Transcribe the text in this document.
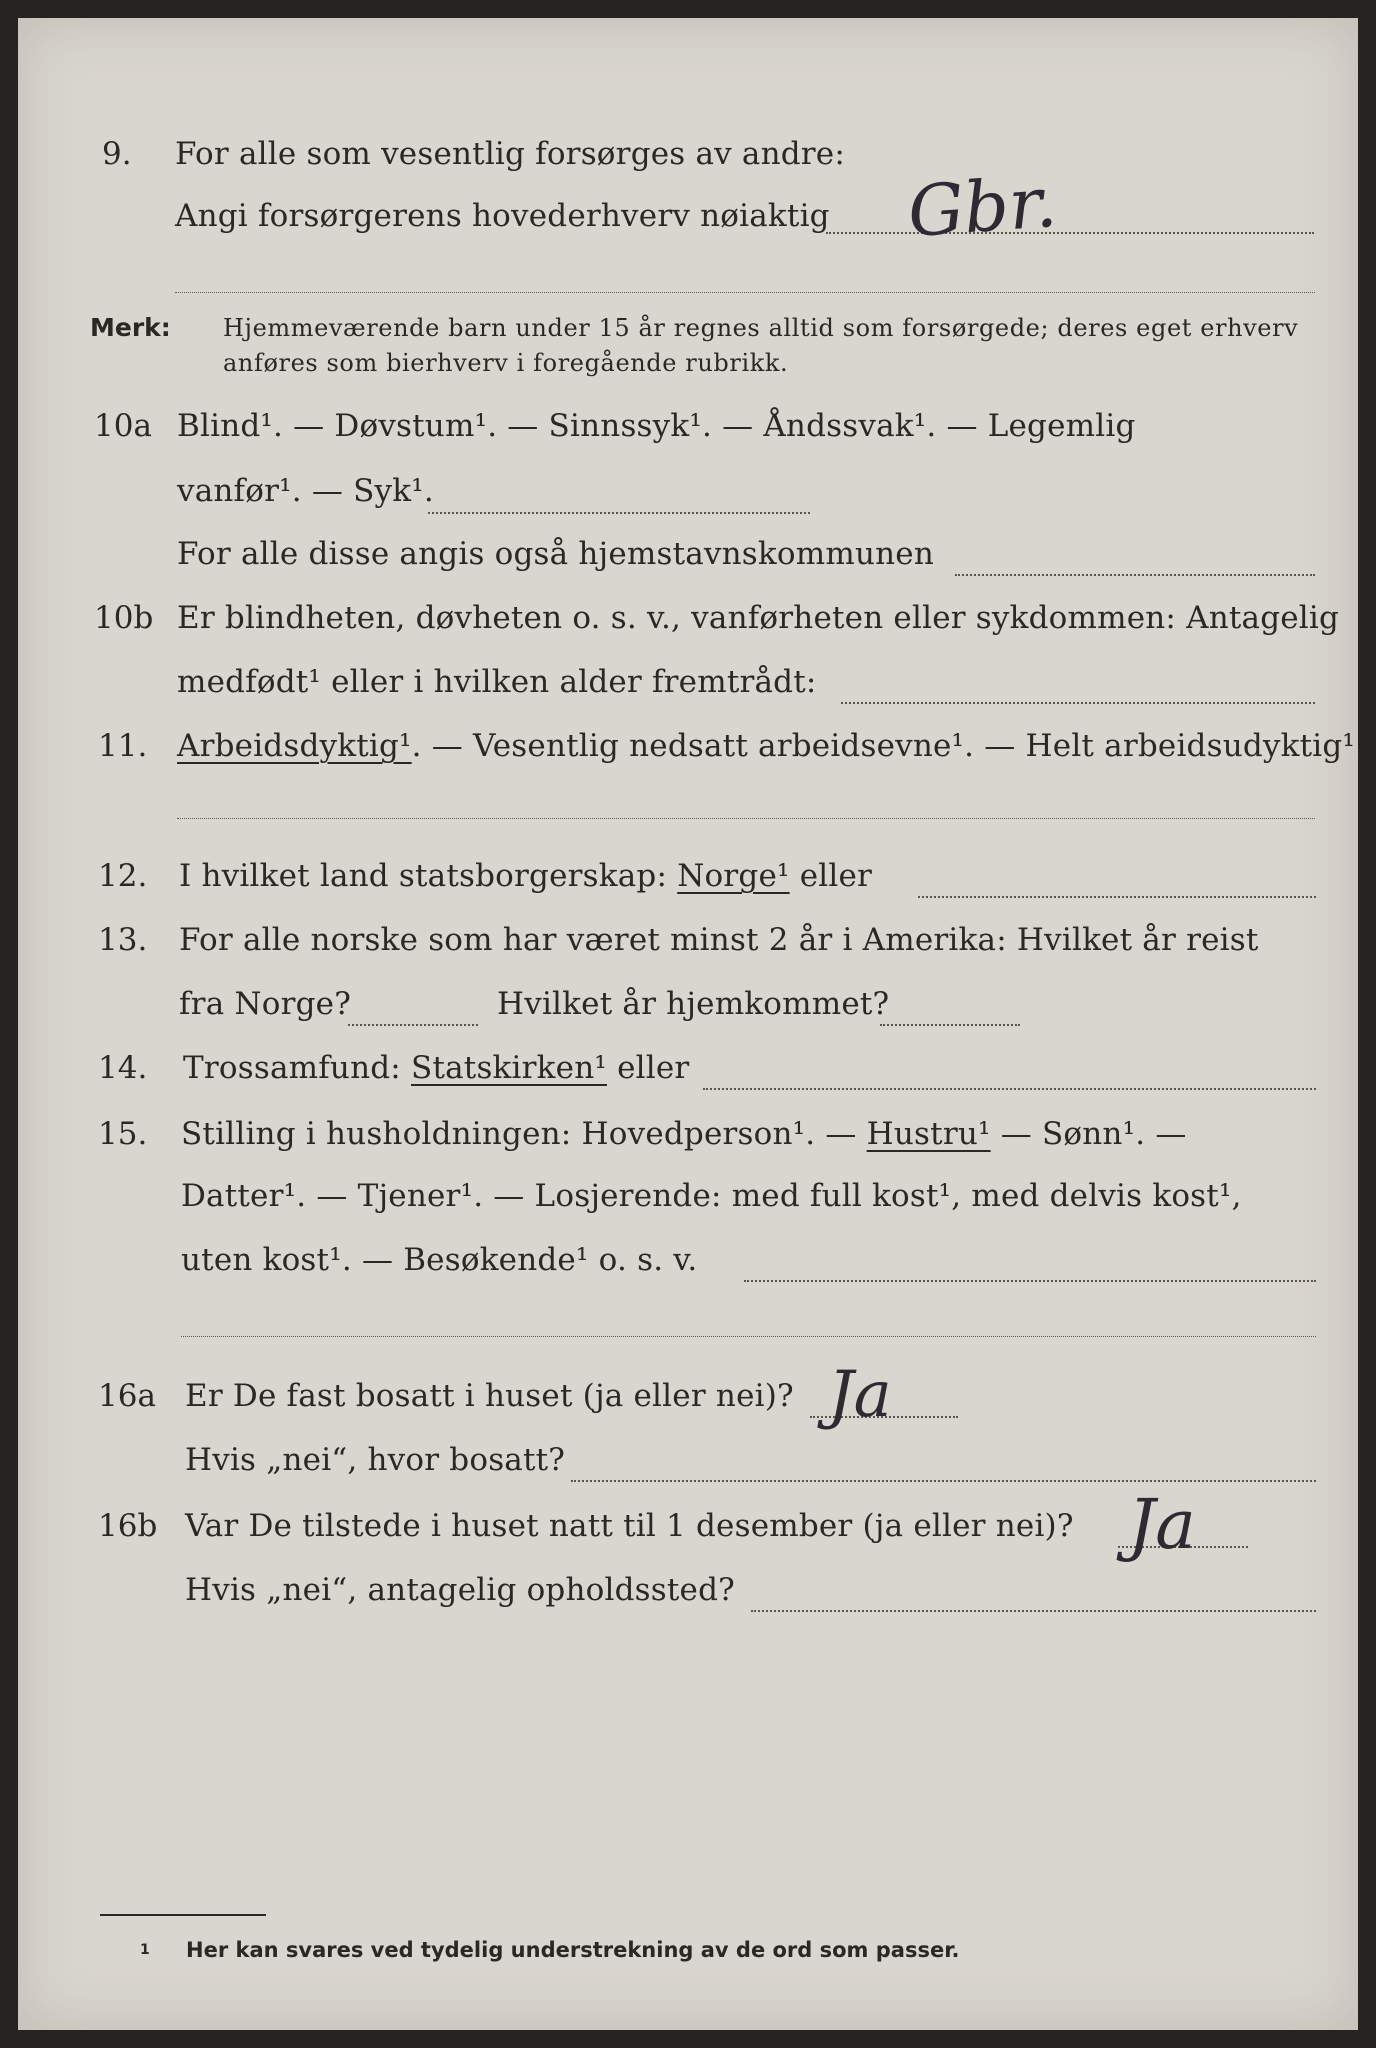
9. For alle som vesentlig forsørges av andre:
Angi forsørgerens hovederhverv nøiaktig Gbr.
Merk: Hjemmeværende barn under 15 år regnes alltid som forsørgede; deres eget erhverv
anføres som bierhverv i foregående rubrikk.
10a Blind¹. — Døvstum¹. — Sinnssyk¹. — Åndssvak¹. — Legemlig
vanfør¹. — Syk¹.
For alle disse angis også hjemstavnskommunen
10b Er blindheten, døvheten o. s. v., vanførheten eller sykdommen: Antagelig
medfødt¹ eller i hvilken alder fremtrådt:
11. Arbeidsdyktig¹. — Vesentlig nedsatt arbeidsevne¹. — Helt arbeidsudyktig¹.
12. I hvilket land statsborgerskap: Norge¹ eller
13. For alle norske som har været minst 2 år i Amerika: Hvilket år reist
fra Norge?	Hvilket år hjemkommet?
14. Trossamfund: Statskirken¹ eller
15. Stilling i husholdningen: Hovedperson¹. — Hustru¹ — Sønn¹. —
Datter¹. — Tjener¹. — Losjerende: med full kost¹, med delvis kost¹,
uten kost¹. — Besøkende¹ o. s. v.
16a Er De fast bosatt i huset (ja eller nei)? Ja
Hvis „nei“, hvor bosatt?
16b Var De tilstede i huset natt til 1 desember (ja eller nei)? Ja
Hvis „nei“, antagelig opholdssted?
1 Her kan svares ved tydelig understrekning av de ord som passer.
